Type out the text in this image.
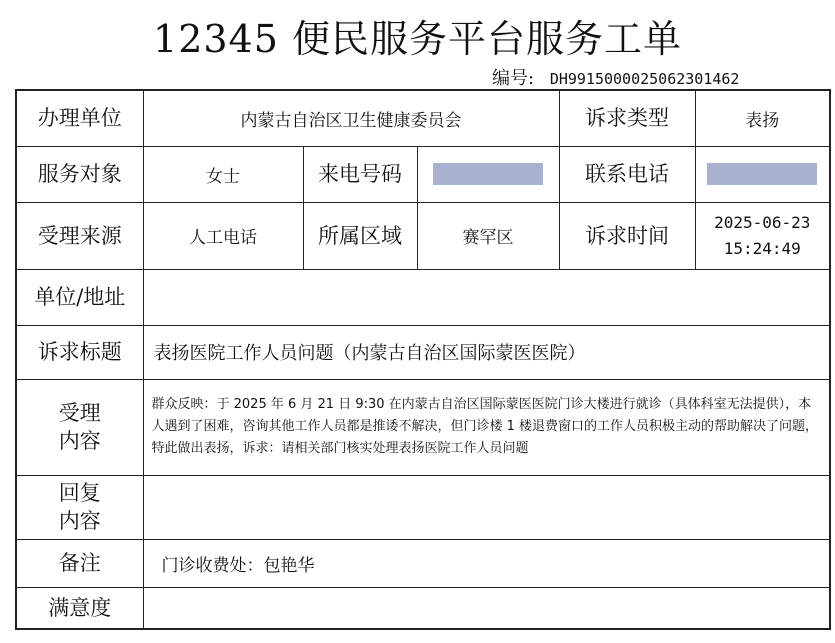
12345 便民服务平台服务工单
编号: DH9915000025062301462
办理单位	内蒙古自治区卫生健康委员会			诉求类型	表扬
服务对象	女士	来电号码		联系电话	
受理来源	人工电话	所属区域	赛罕区	诉求时间	2025-06-23
15:24:49

单位/地址					
诉求标题	表扬医院工作人员问题（内蒙古自治区国际蒙医医院）				

受理
内容	群众反映：于 2025 年 6 月 21 日 9:30 在内蒙古自治区国际蒙医医院门诊大楼进行就诊（具体科室无法提供），本人遇到了困难，咨询其他工作人员都是推诿不解决，但门诊楼 1 楼退费窗口的工作人员积极主动的帮助解决了问题，特此做出表扬，诉求：请相关部门核实处理表扬医院工作人员问题				

回复
内容					

备注	门诊收费处：包艳华				
满意度					
